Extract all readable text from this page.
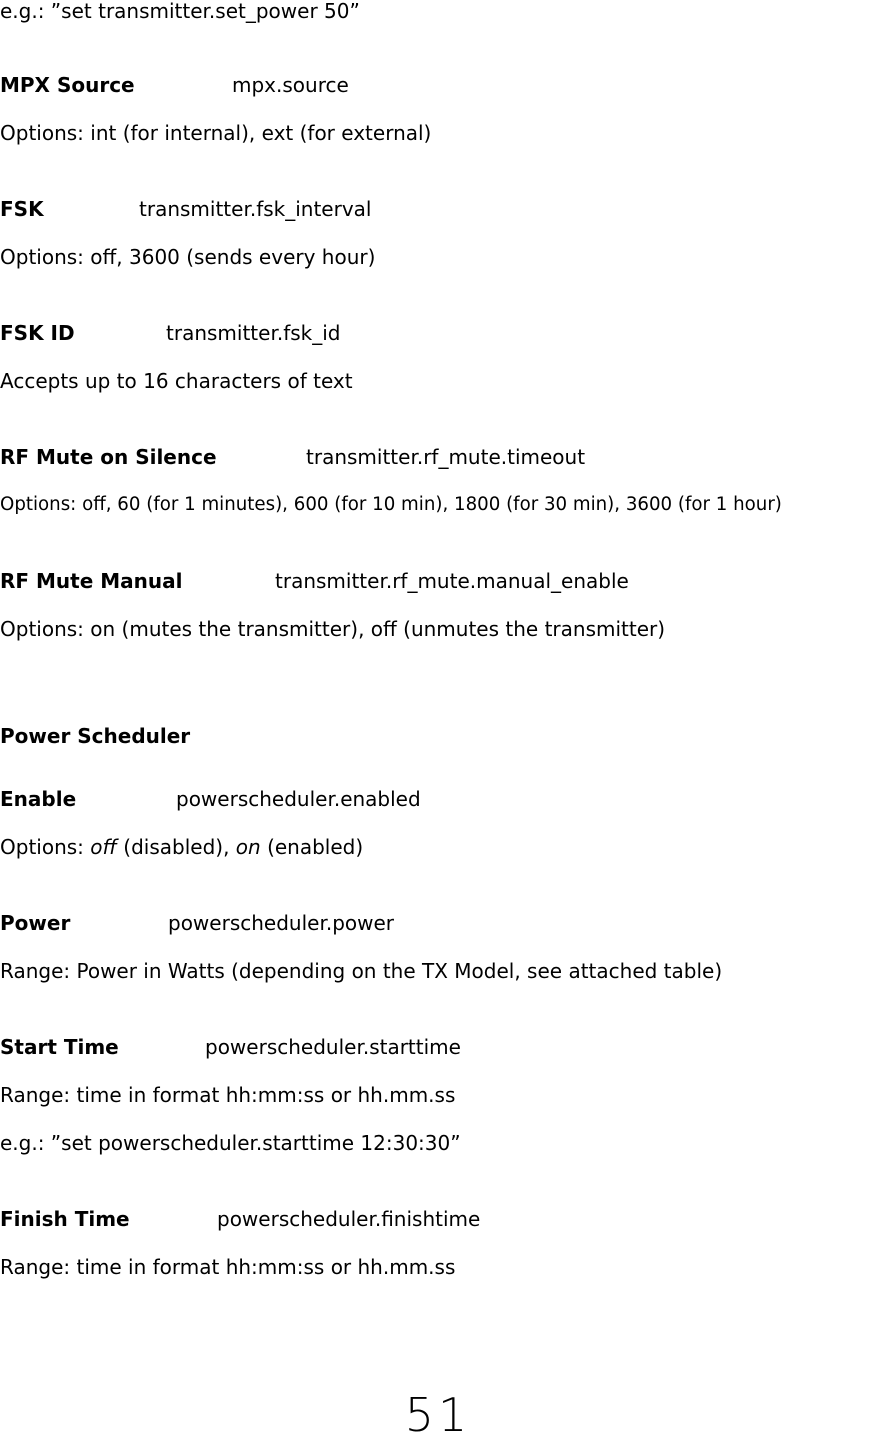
e.g.: ”set transmitter.set_power 50”
MPX Source	mpx.source
Options: int (for internal), ext (for external)
FSK	transmitter.fsk_interval
Options: off, 3600 (sends every hour)
FSK ID	transmitter.fsk_id
Accepts up to 16 characters of text
RF Mute on Silence	transmitter.rf_mute.timeout
Options: off, 60 (for 1 minutes), 600 (for 10 min), 1800 (for 30 min), 3600 (for 1 hour)
RF Mute Manual	transmitter.rf_mute.manual_enable
Options: on (mutes the transmitter), off (unmutes the transmitter)
Power Scheduler
Enable	powerscheduler.enabled
Options: off (disabled), on (enabled)
Power	powerscheduler.power
Range: Power in Watts (depending on the TX Model, see attached table)
Start Time	powerscheduler.starttime
Range: time in format hh:mm:ss or hh.mm.ss
e.g.: ”set powerscheduler.starttime 12:30:30”
Finish Time	powerscheduler.finishtime
Range: time in format hh:mm:ss or hh.mm.ss
51
